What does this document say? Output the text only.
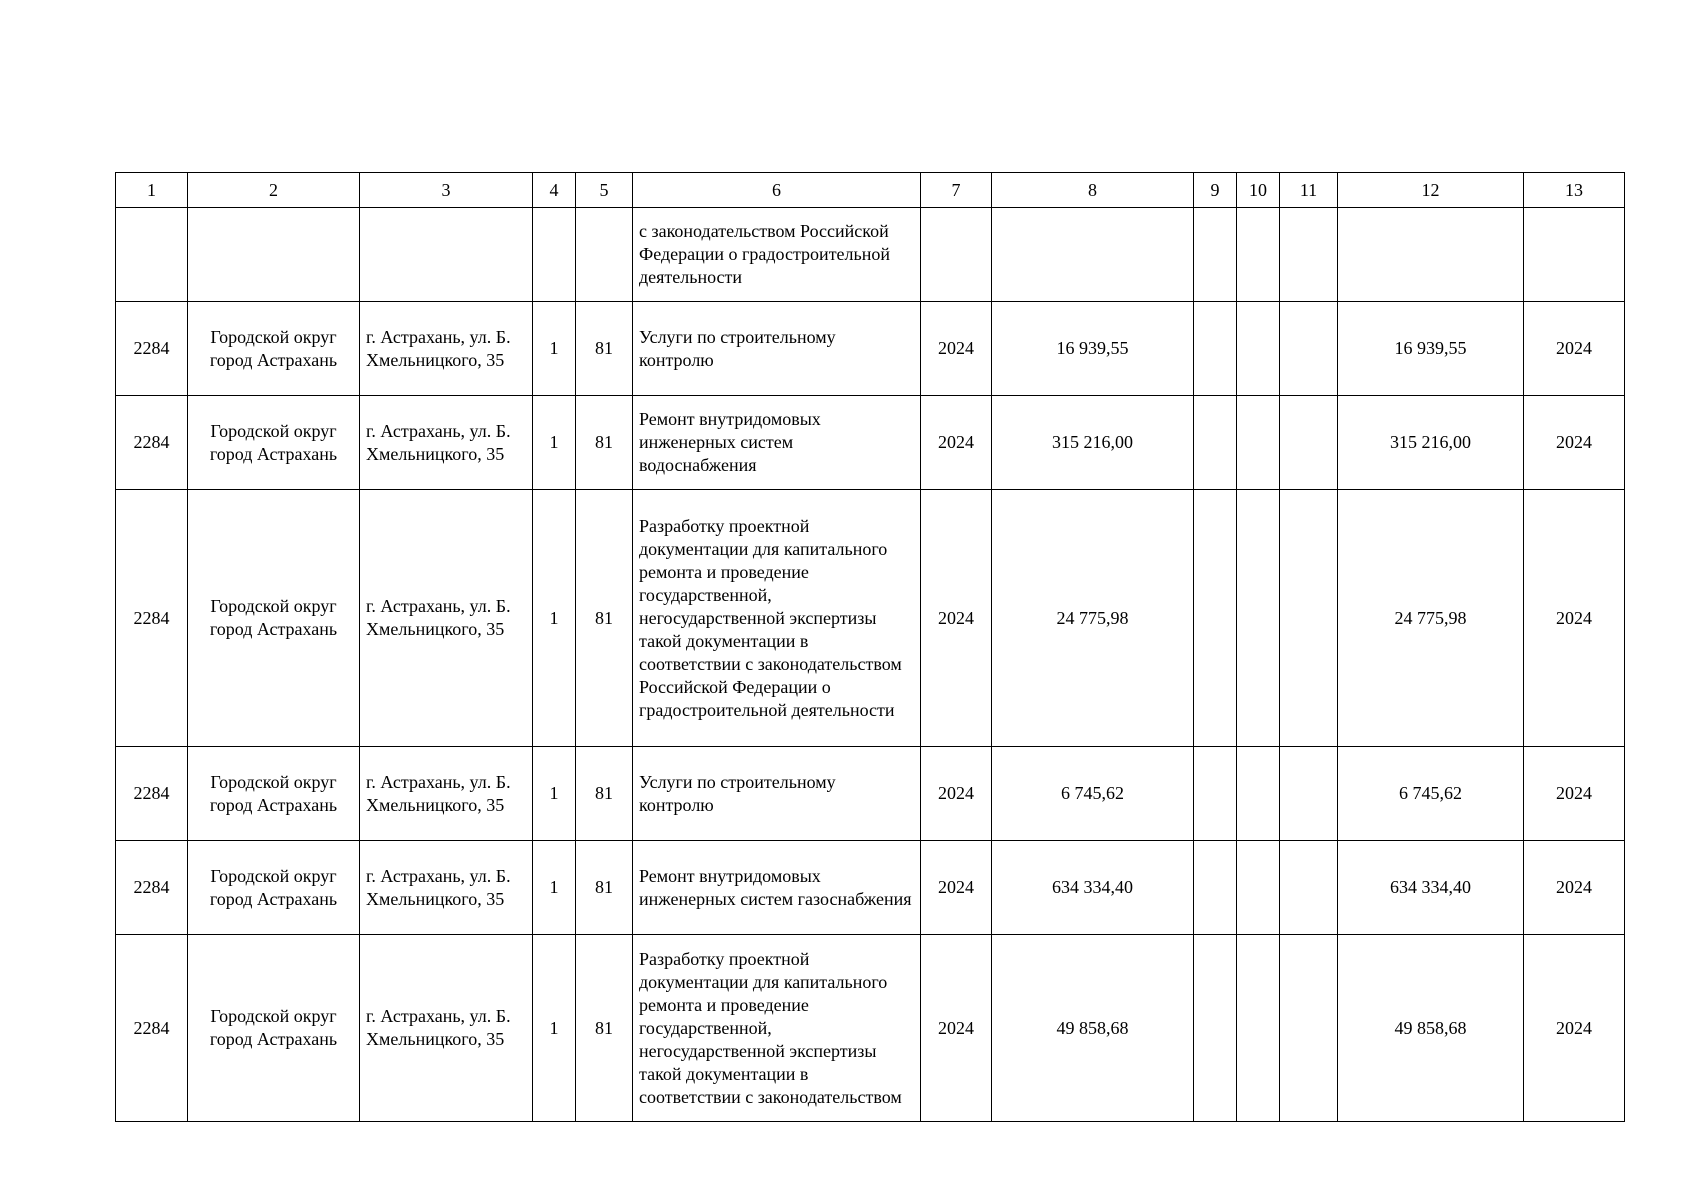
1	2	3	4	5	6	7	8	9	10	11	12	13
					с законодательством Российской Федерации о градостроительной деятельности							
2284	Городской округ город Астрахань	г. Астрахань, ул. Б. Хмельницкого, 35	1	81	Услуги по строительному контролю	2024	16 939,55				16 939,55	2024
2284	Городской округ город Астрахань	г. Астрахань, ул. Б. Хмельницкого, 35	1	81	Ремонт внутридомовых инженерных систем водоснабжения	2024	315 216,00				315 216,00	2024
2284	Городской округ город Астрахань	г. Астрахань, ул. Б. Хмельницкого, 35	1	81	Разработку проектной документации для капитального ремонта и проведение государственной, негосударственной экспертизы такой документации в соответствии с законодательством Российской Федерации о градостроительной деятельности	2024	24 775,98				24 775,98	2024
2284	Городской округ город Астрахань	г. Астрахань, ул. Б. Хмельницкого, 35	1	81	Услуги по строительному контролю	2024	6 745,62				6 745,62	2024
2284	Городской округ город Астрахань	г. Астрахань, ул. Б. Хмельницкого, 35	1	81	Ремонт внутридомовых инженерных систем газоснабжения	2024	634 334,40				634 334,40	2024
2284	Городской округ город Астрахань	г. Астрахань, ул. Б. Хмельницкого, 35	1	81	Разработку проектной документации для капитального ремонта и проведение государственной, негосударственной экспертизы такой документации в соответствии с законодательством	2024	49 858,68				49 858,68	2024
